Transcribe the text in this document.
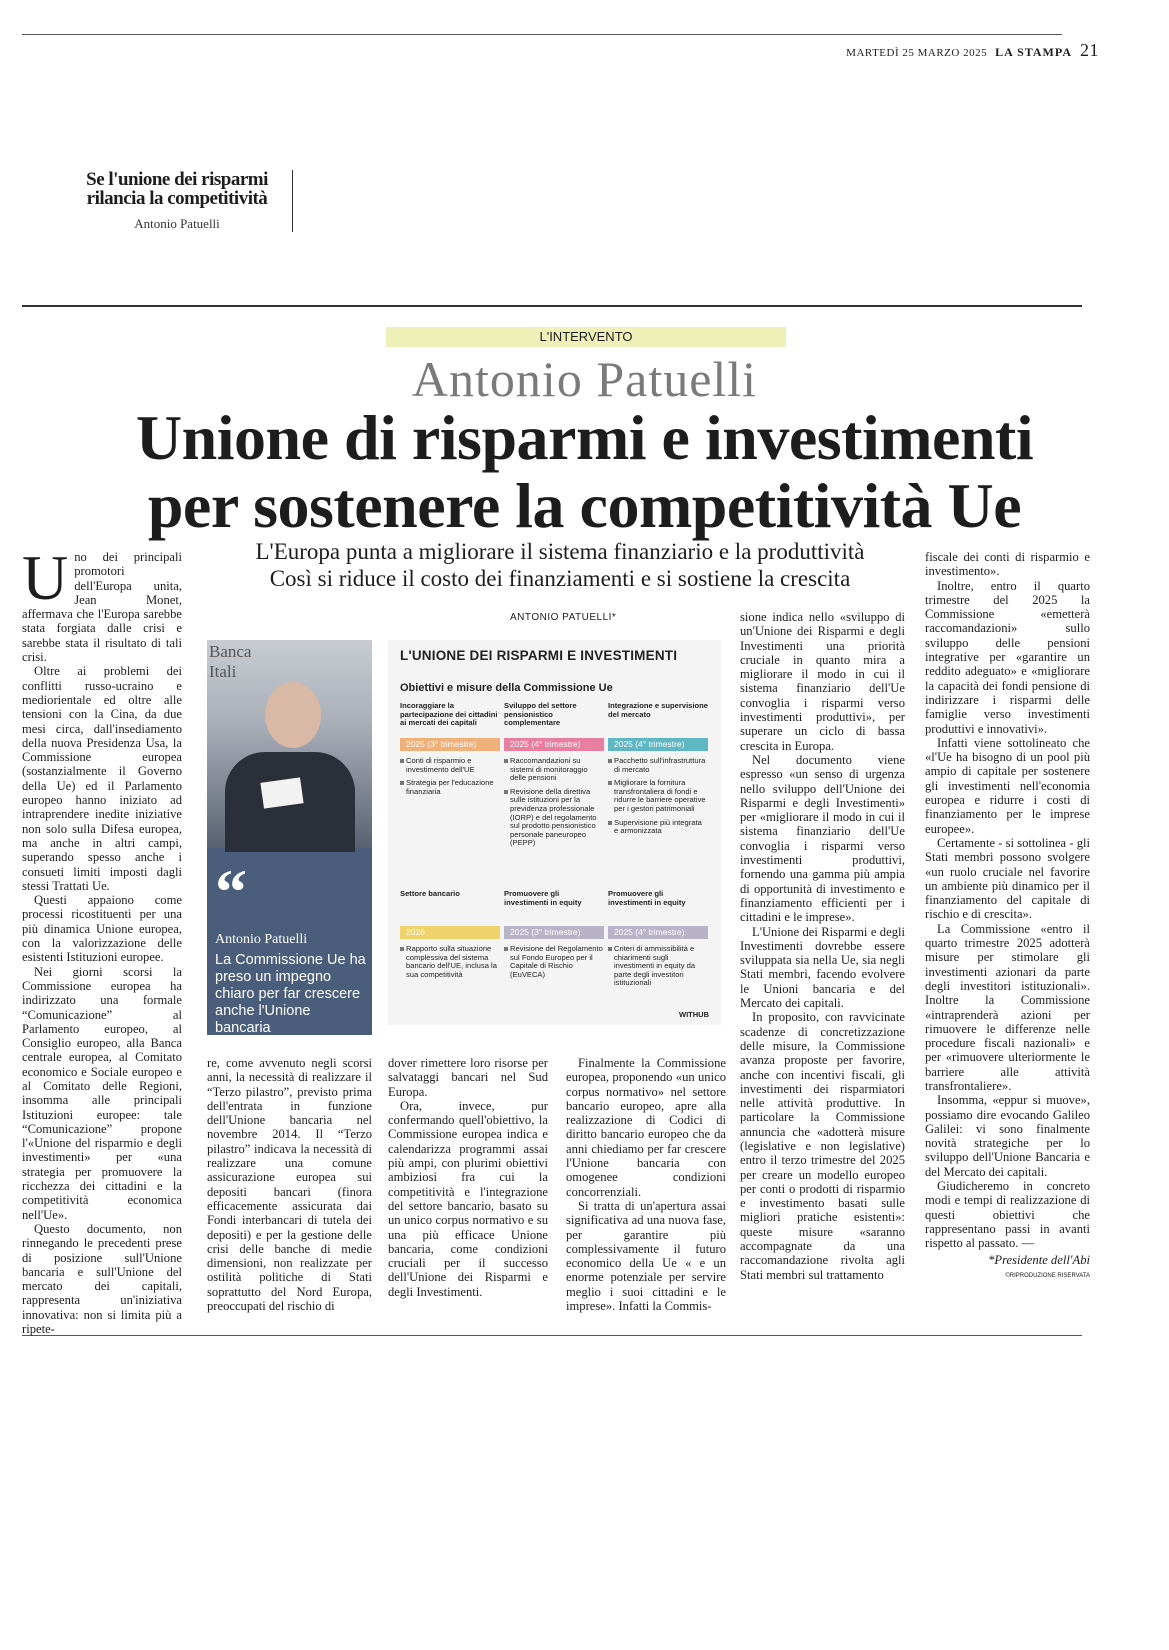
MARTEDÌ 25 MARZO 2025 LA STAMPA 21
Se l'unione dei risparmi
rilancia la competitività
Antonio Patuelli
L'INTERVENTO
Antonio Patuelli
Unione di risparmi e investimenti
per sostenere la competitività Ue
L'Europa punta a migliorare il sistema finanziario e la produttività
Così si riduce il costo dei finanziamenti e si sostiene la crescita
ANTONIO PATUELLI*

Uno dei principali promotori dell'Europa unita, Jean Monet, affermava che l'Europa sarebbe stata forgiata dalle crisi e sarebbe stata il risultato di tali crisi.

Oltre ai problemi dei conflitti russo-ucraino e mediorientale ed oltre alle tensioni con la Cina, da due mesi circa, dall'insediamento della nuova Presidenza Usa, la Commissione europea (sostanzialmente il Governo della Ue) ed il Parlamento europeo hanno iniziato ad intraprendere inedite iniziative non solo sulla Difesa europea, ma anche in altri campi, superando spesso anche i consueti limiti imposti dagli stessi Trattati Ue.

Questi appaiono come processi ricostituenti per una più dinamica Unione europea, con la valorizzazione delle esistenti Istituzioni europee.

Nei giorni scorsi la Commissione europea ha indirizzato una formale “Comunicazione” al Parlamento europeo, al Consiglio europeo, alla Banca centrale europea, al Comitato economico e Sociale europeo e al Comitato delle Regioni, insomma alle principali Istituzioni europee: tale “Comunicazione” propone l'«Unione del risparmio e degli investimenti» per «una strategia per promuovere la ricchezza dei cittadini e la competitività economica nell'Ue».

Questo documento, non rinnegando le precedenti prese di posizione sull'Unione bancaria e sull'Unione del mercato dei capitali, rappresenta un'iniziativa innovativa: non si limita più a ripete-

Banca Itali
“
Antonio Patuelli
La Commissione Ue ha preso un impegno chiaro per far crescere anche l'Unione bancaria
L'UNIONE DEI RISPARMI E INVESTIMENTI
Obiettivi e misure della Commissione Ue
Incoraggiare la partecipazione dei cittadini ai mercati dei capitali
2025 (3° trimestre)
Conti di risparmio e investimento dell'UE
Strategia per l'educazione finanziaria
Sviluppo del settore pensionistico complementare
2025 (4° trimestre)
Raccomandazioni su sistemi di monitoraggio delle pensioni
Revisione della direttiva sulle istituzioni per la previdenza professionale (IORP) e del regolamento sul prodotto pensionistico personale paneuropeo (PEPP)
Integrazione e supervisione del mercato
2025 (4° trimestre)
Pacchetto sull'infrastruttura di mercato
Migliorare la fornitura transfrontaliera di fondi e ridurre le barriere operative per i gestori patrimoniali
Supervisione più integrata e armonizzata
Settore bancario
2026
Rapporto sulla situazione complessiva del sistema bancario dell'UE, inclusa la sua competitività
Promuovere gli investimenti in equity
2025 (3° trimestre)
Revisione del Regolamento sul Fondo Europeo per il Capitale di Rischio (EuVECA)
Promuovere gli investimenti in equity
2025 (4° trimestre)
Criteri di ammissibilità e chiarimenti sugli investimenti in equity da parte degli investitori istituzionali
WITHUB

re, come avvenuto negli scorsi anni, la necessità di realizzare il “Terzo pilastro”, previsto prima dell'entrata in funzione dell'Unione bancaria nel novembre 2014. Il “Terzo pilastro” indicava la necessità di realizzare una comune assicurazione europea sui depositi bancari (finora efficacemente assicurata dai Fondi interbancari di tutela dei depositi) e per la gestione delle crisi delle banche di medie dimensioni, non realizzate per ostilità politiche di Stati soprattutto del Nord Europa, preoccupati del rischio di

dover rimettere loro risorse per salvataggi bancari nel Sud Europa.

Ora, invece, pur confermando quell'obiettivo, la Commissione europea indica e calendarizza programmi assai più ampi, con plurimi obiettivi ambiziosi fra cui la competitività e l'integrazione del settore bancario, basato su un unico corpus normativo e su una più efficace Unione bancaria, come condizioni cruciali per il successo dell'Unione dei Risparmi e degli Investimenti.

Finalmente la Commissione europea, proponendo «un unico corpus normativo» nel settore bancario europeo, apre alla realizzazione di Codici di diritto bancario europeo che da anni chiediamo per far crescere l'Unione bancaria con omogenee condizioni concorrenziali.

Si tratta di un'apertura assai significativa ad una nuova fase, per garantire più complessivamente il futuro economico della Ue « e un enorme potenziale per servire meglio i suoi cittadini e le imprese». Infatti la Commis-

sione indica nello «sviluppo di un'Unione dei Risparmi e degli Investimenti una priorità cruciale in quanto mira a migliorare il modo in cui il sistema finanziario dell'Ue convoglia i risparmi verso investimenti produttivi», per superare un ciclo di bassa crescita in Europa.

Nel documento viene espresso «un senso di urgenza nello sviluppo dell'Unione dei Risparmi e degli Investimenti» per «migliorare il modo in cui il sistema finanziario dell'Ue convoglia i risparmi verso investimenti produttivi, fornendo una gamma più ampia di opportunità di investimento e finanziamento efficienti per i cittadini e le imprese».

L'Unione dei Risparmi e degli Investimenti dovrebbe essere sviluppata sia nella Ue, sia negli Stati membri, facendo evolvere le Unioni bancaria e del Mercato dei capitali.

In proposito, con ravvicinate scadenze di concretizzazione delle misure, la Commissione avanza proposte per favorire, anche con incentivi fiscali, gli investimenti dei risparmiatori nelle attività produttive. In particolare la Commissione annuncia che «adotterà misure (legislative e non legislative) entro il terzo trimestre del 2025 per creare un modello europeo per conti o prodotti di risparmio e investimento basati sulle migliori pratiche esistenti»: queste misure «saranno accompagnate da una raccomandazione rivolta agli Stati membri sul trattamento

fiscale dei conti di risparmio e investimento».

Inoltre, entro il quarto trimestre del 2025 la Commissione «emetterà raccomandazioni» sullo sviluppo delle pensioni integrative per «garantire un reddito adeguato» e «migliorare la capacità dei fondi pensione di indirizzare i risparmi delle famiglie verso investimenti produttivi e innovativi».

Infatti viene sottolineato che «l'Ue ha bisogno di un pool più ampio di capitale per sostenere gli investimenti nell'economia europea e ridurre i costi di finanziamento per le imprese europee».

Certamente - si sottolinea - gli Stati membri possono svolgere «un ruolo cruciale nel favorire un ambiente più dinamico per il finanziamento del capitale di rischio e di crescita».

La Commissione «entro il quarto trimestre 2025 adotterà misure per stimolare gli investimenti azionari da parte degli investitori istituzionali». Inoltre la Commissione «intraprenderà azioni per rimuovere le differenze nelle procedure fiscali nazionali» e per «rimuovere ulteriormente le barriere alle attività transfrontaliere».

Insomma, «eppur si muove», possiamo dire evocando Galileo Galilei: vi sono finalmente novità strategiche per lo sviluppo dell'Unione Bancaria e del Mercato dei capitali.

Giudicheremo in concreto modi e tempi di realizzazione di questi obiettivi che rappresentano passi in avanti rispetto al passato. —

*Presidente dell'Abi
©RIPRODUZIONE RISERVATA
